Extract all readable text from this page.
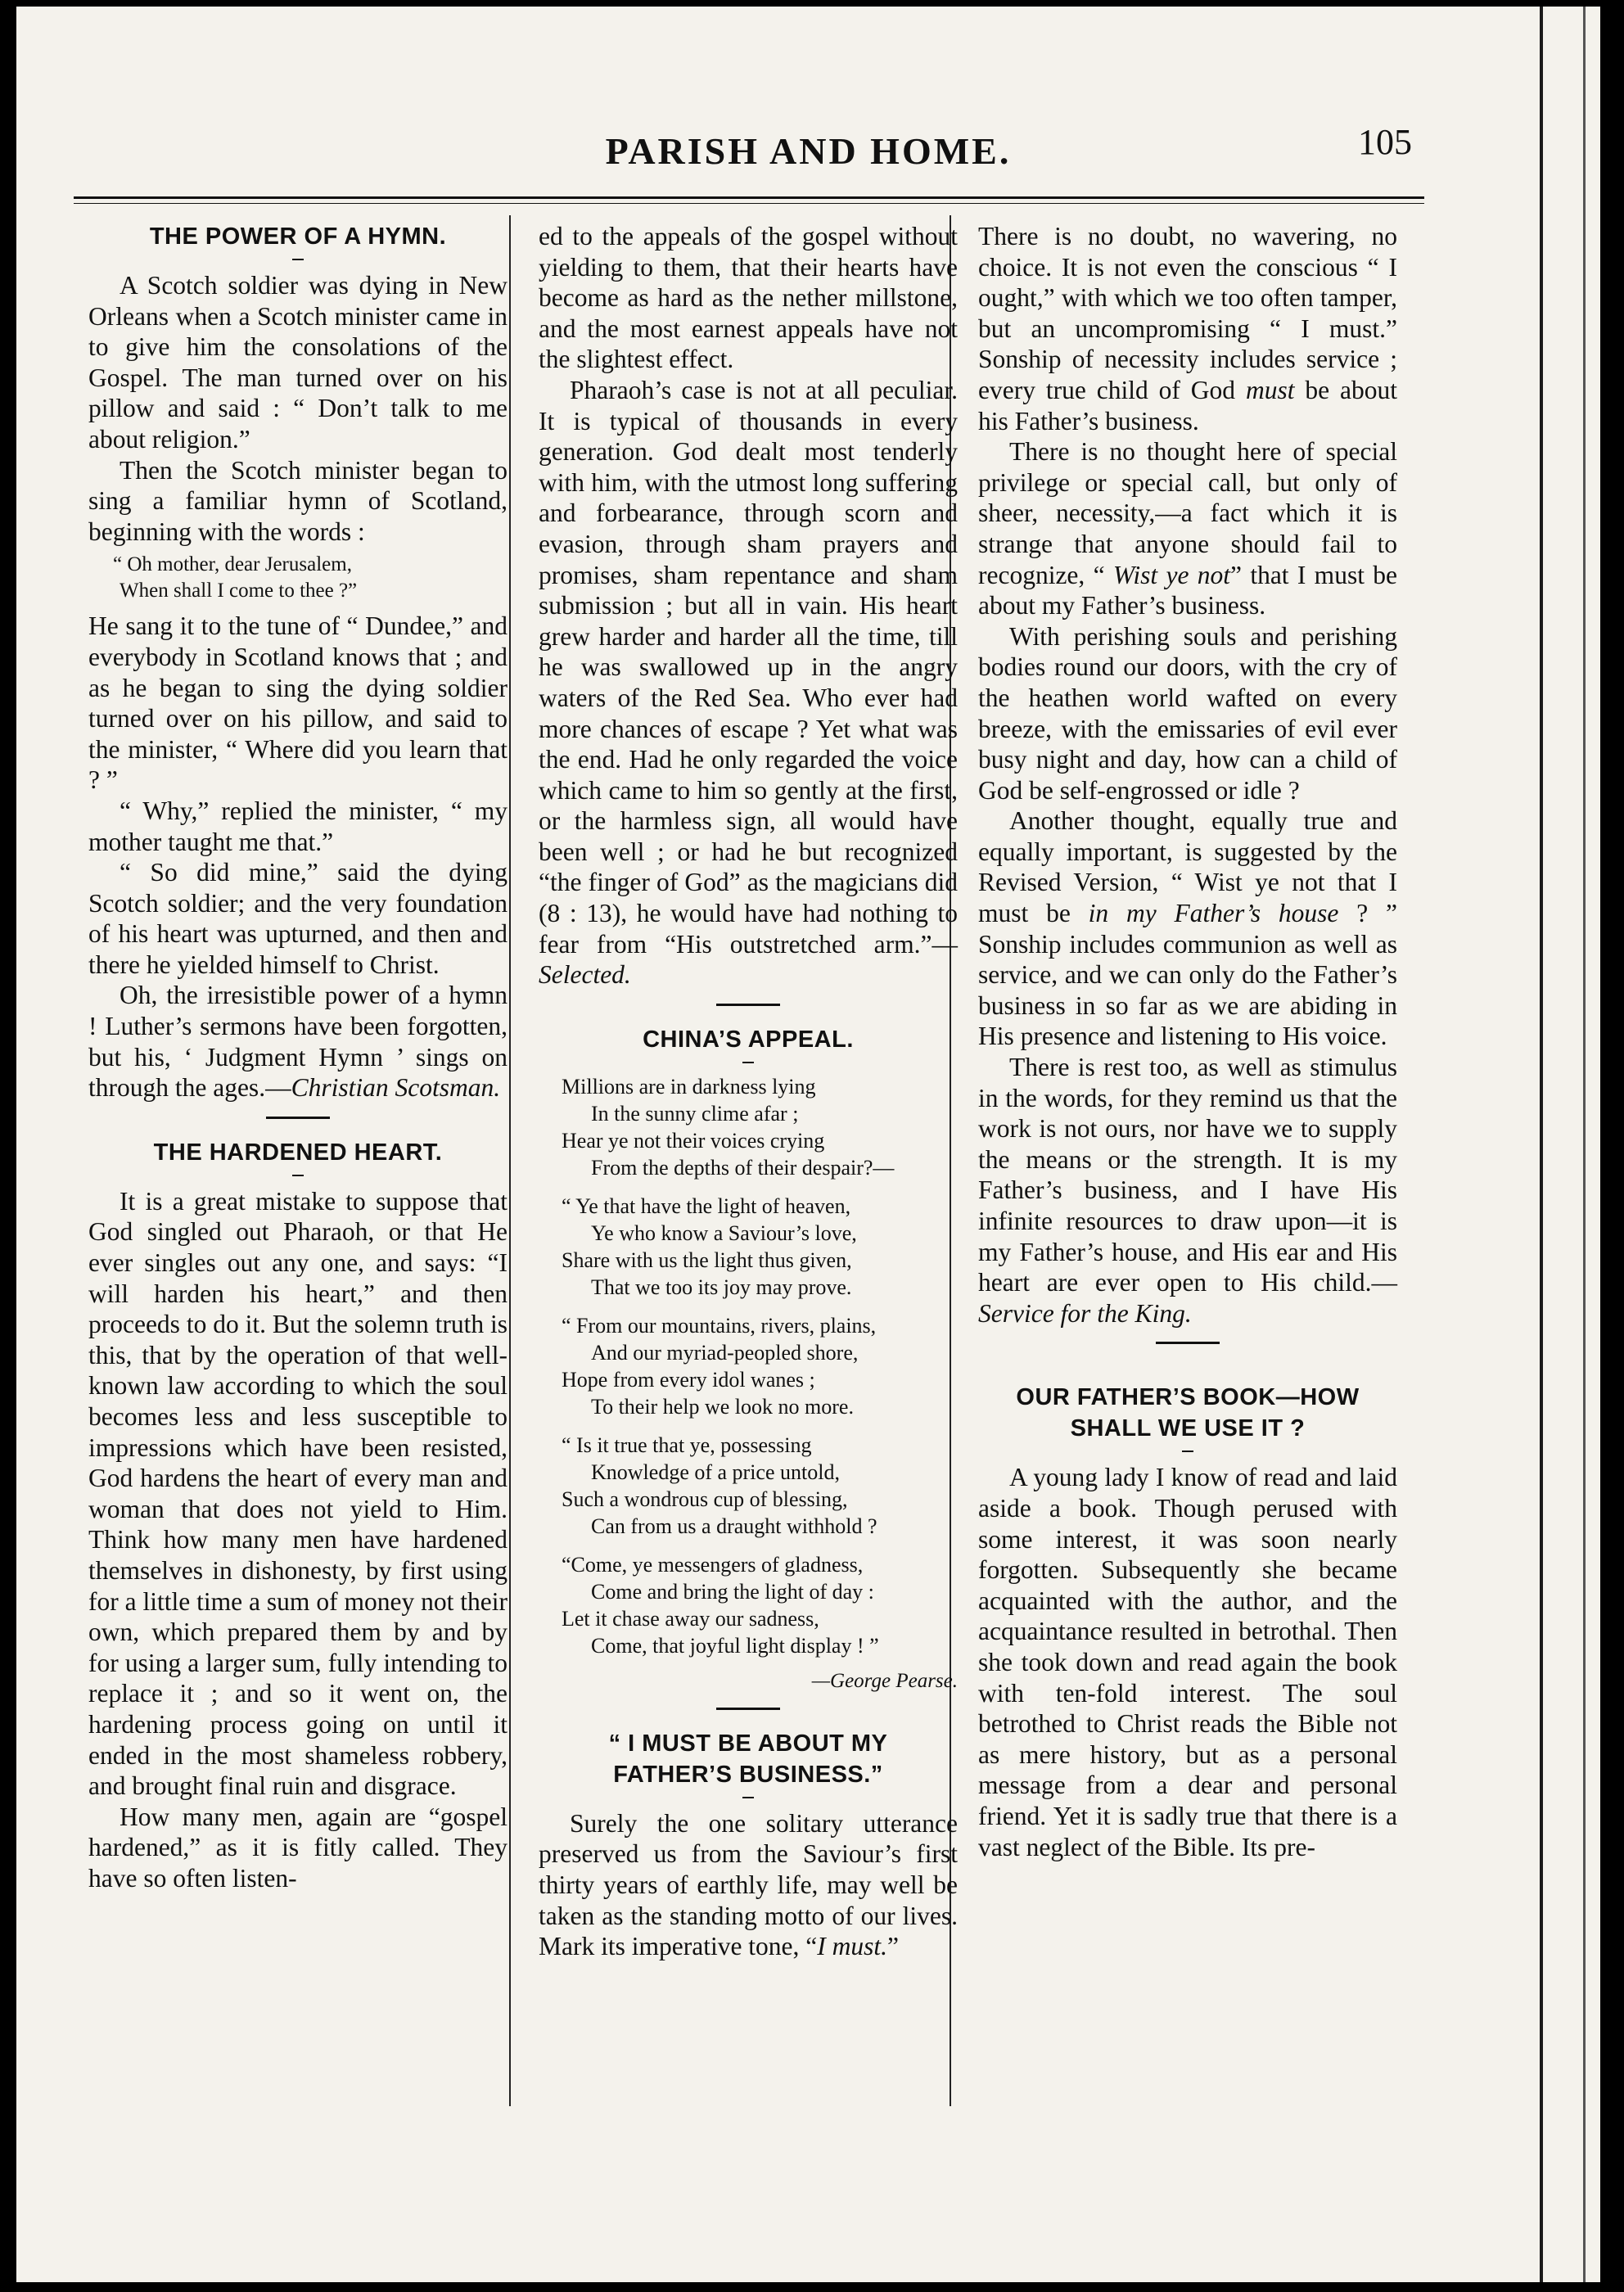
PARISH AND HOME.	105
THE POWER OF A HYMN.

A Scotch soldier was dying in New Orleans when a Scotch minister came in to give him the consolations of the Gospel. The man turned over on his pillow and said : “ Don’t talk to me about religion.”

Then the Scotch minister began to sing a familiar hymn of Scotland, beginning with the words :

“ Oh mother, dear Jerusalem,
When shall I come to thee ?”

He sang it to the tune of “ Dundee,” and everybody in Scotland knows that ; and as he began to sing the dying soldier turned over on his pillow, and said to the minister, “ Where did you learn that ? ”

“ Why,” replied the minister, “ my mother taught me that.”

“ So did mine,” said the dying Scotch soldier; and the very foundation of his heart was upturned, and then and there he yielded himself to Christ.

Oh, the irresistible power of a hymn ! Luther’s sermons have been forgotten, but his, ‘ Judgment Hymn ’ sings on through the ages.—Christian Scotsman.

THE HARDENED HEART.

It is a great mistake to suppose that God singled out Pharaoh, or that He ever singles out any one, and says: “I will harden his heart,” and then proceeds to do it. But the solemn truth is this, that by the operation of that well-known law according to which the soul becomes less and less susceptible to impressions which have been resisted, God hardens the heart of every man and woman that does not yield to Him. Think how many men have hardened themselves in dishonesty, by first using for a little time a sum of money not their own, which prepared them by and by for using a larger sum, fully intending to replace it ; and so it went on, the hardening process going on until it ended in the most shameless robbery, and brought final ruin and disgrace.

How many men, again are “gospel hardened,” as it is fitly called. They have so often listen-

ed to the appeals of the gospel without yielding to them, that their hearts have become as hard as the nether millstone, and the most earnest appeals have not the slightest effect.

Pharaoh’s case is not at all peculiar. It is typical of thousands in every generation. God dealt most tenderly with him, with the utmost long suffering and forbearance, through scorn and evasion, through sham prayers and promises, sham repentance and sham submission ; but all in vain. His heart grew harder and harder all the time, till he was swallowed up in the angry waters of the Red Sea. Who ever had more chances of escape ? Yet what was the end. Had he only regarded the voice which came to him so gently at the first, or the harmless sign, all would have been well ; or had he but recognized “the finger of God” as the magicians did (8 : 13), he would have had nothing to fear from “His outstretched arm.”—Selected.

CHINA’S APPEAL.
Millions are in darkness lying
In the sunny clime afar ;
Hear ye not their voices crying
From the depths of their despair?—
“ Ye that have the light of heaven,
Ye who know a Saviour’s love,
Share with us the light thus given,
That we too its joy may prove.
“ From our mountains, rivers, plains,
And our myriad-peopled shore,
Hope from every idol wanes ;
To their help we look no more.
“ Is it true that ye, possessing
Knowledge of a price untold,
Such a wondrous cup of blessing,
Can from us a draught withhold ?
“Come, ye messengers of gladness,
Come and bring the light of day :
Let it chase away our sadness,
Come, that joyful light display ! ”
—George Pearse.
“ I MUST BE ABOUT MY
FATHER’S BUSINESS.”

Surely the one solitary utterance preserved us from the Saviour’s first thirty years of earthly life, may well be taken as the standing motto of our lives. Mark its imperative tone, “I must.”

There is no doubt, no wavering, no choice. It is not even the conscious “ I ought,” with which we too often tamper, but an uncompromising “ I must.” Sonship of necessity includes service ; every true child of God must be about his Father’s business.

There is no thought here of special privilege or special call, but only of sheer, necessity,—a fact which it is strange that anyone should fail to recognize, “ Wist ye not” that I must be about my Father’s business.

With perishing souls and perishing bodies round our doors, with the cry of the heathen world wafted on every breeze, with the emissaries of evil ever busy night and day, how can a child of God be self-engrossed or idle ?

Another thought, equally true and equally important, is suggested by the Revised Version, “ Wist ye not that I must be in my Father’s house ? ” Sonship includes communion as well as service, and we can only do the Father’s business in so far as we are abiding in His presence and listening to His voice.

There is rest too, as well as stimulus in the words, for they remind us that the work is not ours, nor have we to supply the means or the strength. It is my Father’s business, and I have His infinite resources to draw upon—it is my Father’s house, and His ear and His heart are ever open to His child.—Service for the King.

OUR FATHER’S BOOK—HOW
SHALL WE USE IT ?

A young lady I know of read and laid aside a book. Though perused with some interest, it was soon nearly forgotten. Subsequently she became acquainted with the author, and the acquaintance resulted in betrothal. Then she took down and read again the book with ten-fold interest. The soul betrothed to Christ reads the Bible not as mere history, but as a personal message from a dear and personal friend. Yet it is sadly true that there is a vast neglect of the Bible. Its pre-
